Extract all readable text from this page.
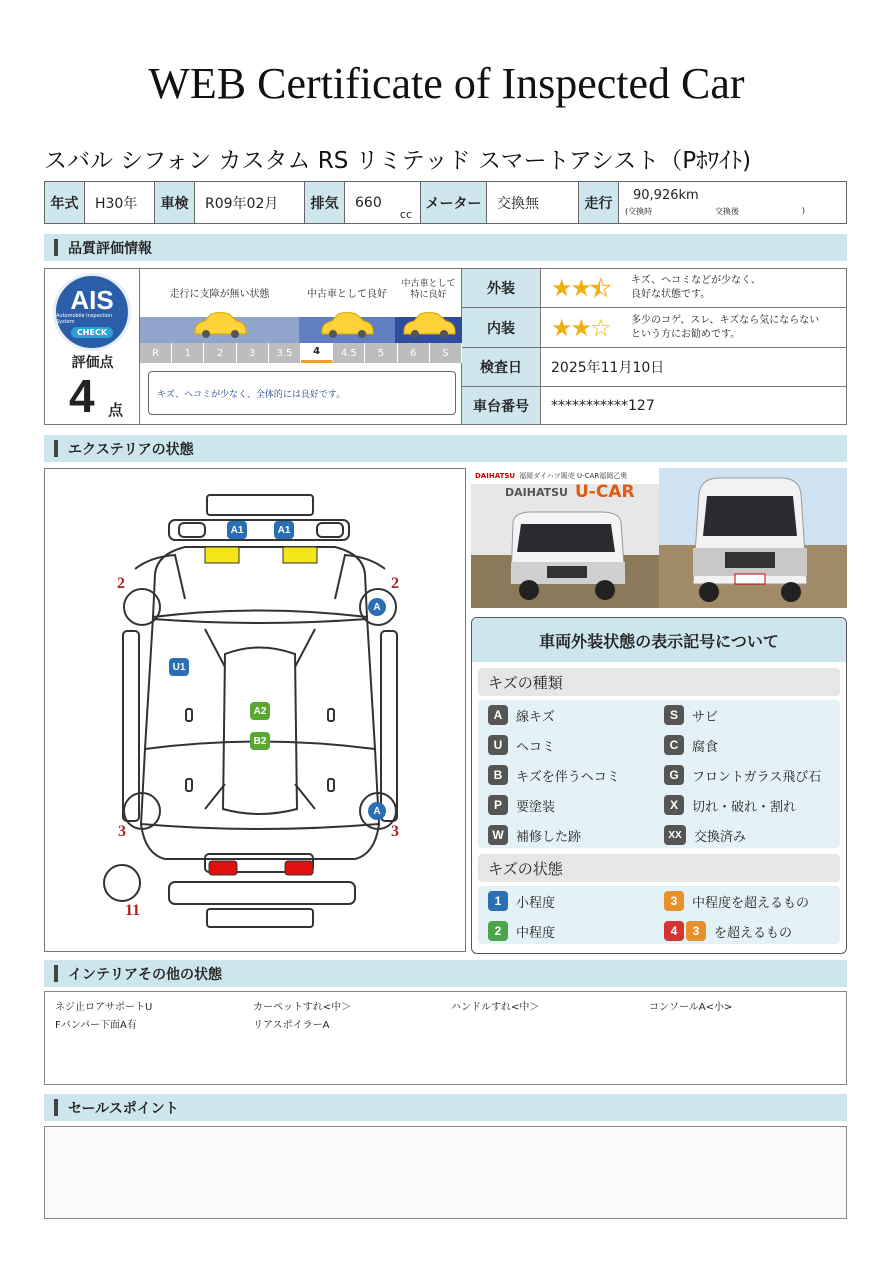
WEB Certificate of Inspected Car
スバル シフォン カスタム RS リミテッド スマートアシスト（Pﾎﾜｲﾄ)
年式	H30年	車検	R09年02月	排気	660
cc
メーター	交換無	走行	90,926km
(交換時	交換後	)
品質評価情報
AIS
Automobile Inspection System
CHECK
評価点
4 点
走行に支障が無い状態	中古車として良好
中古車として特に良好
R	1	2	3	3.5	4	4.5	5	6	S
キズ、ヘコミが少なく、全体的には良好です。
外装	★★★	キズ、ヘコミなどが少なく、
良好な状態です。
内装	★★☆	多少のコゲ、スレ、キズなら気にならない
という方にお勧めです。
検査日	2025年11月10日
車台番号	***********127
エクステリアの状態
A1	A1
A
U1
A2
B2
A
2	2
3	3
11
DAIHATSU 福岡ダイハツ販売 U-CAR福岡乙奥
DAIHATSU U-CAR
車両外装状態の表示記号について
キズの種類
A	線キズ	S	サビ
U	ヘコミ	C	腐食
B	キズを伴うヘコミ	G	フロントガラス飛び石
P	要塗装	X	切れ・破れ・割れ
W 補修した跡	XX 交換済み
キズの状態
1	小程度	3	中程度を超えるもの
2	中程度	4	3	を超えるもの
インテリアその他の状態
ネジ止ロアサポートU	カーペットすれ<中＞	ハンドルすれ<中＞	コンソールA<小>
Fバンパー下面A有	リアスポイラーA
セールスポイント
